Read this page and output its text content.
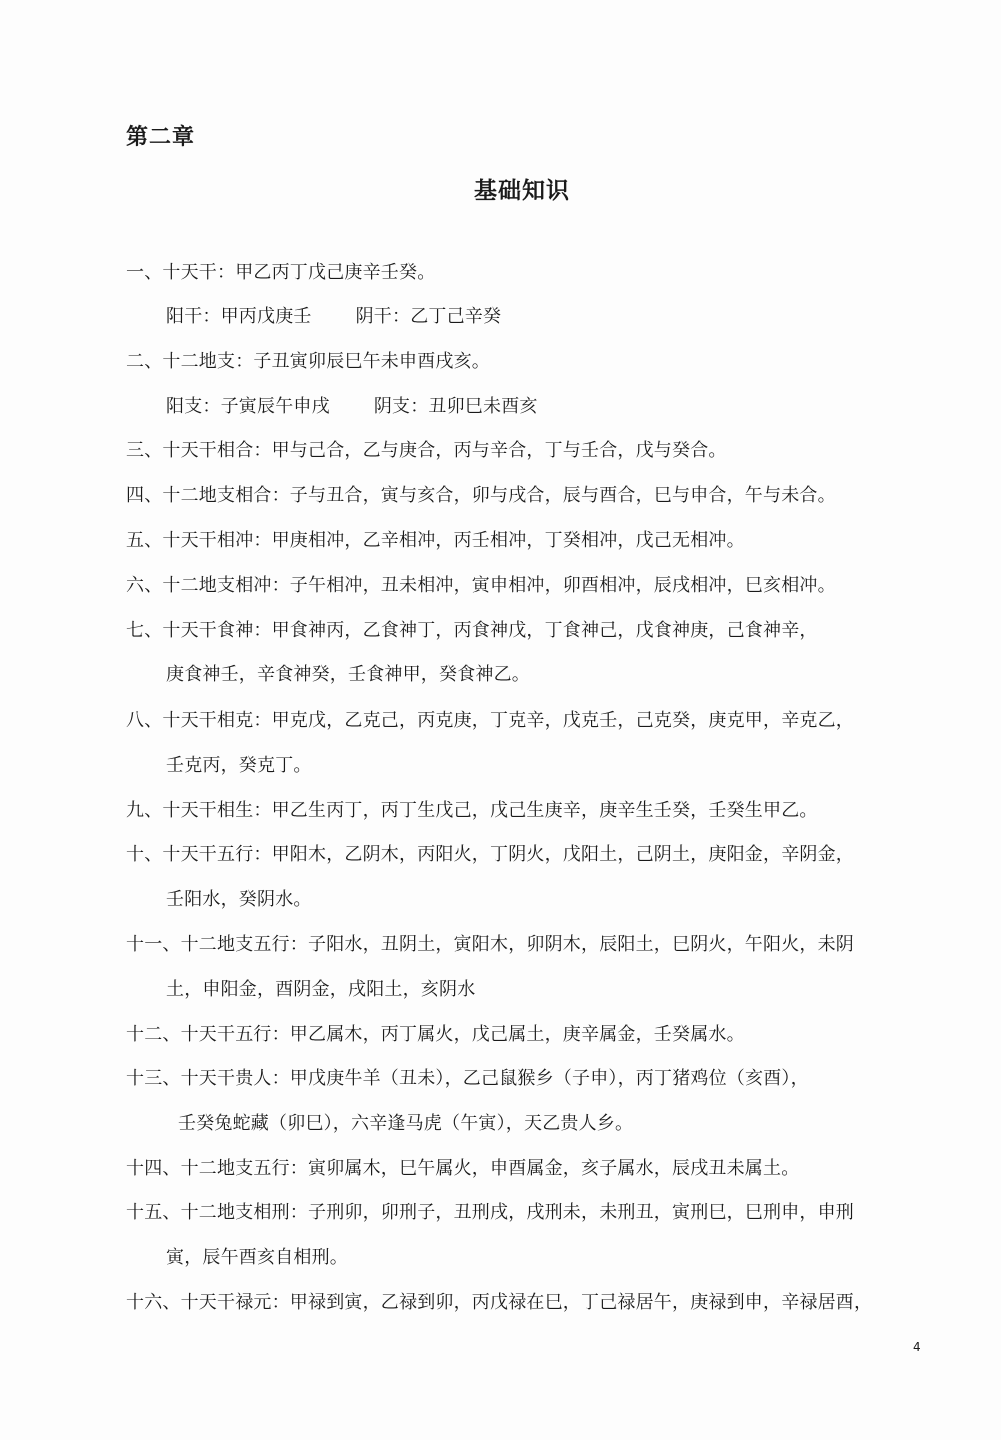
第二章
基础知识
一、十天干：甲乙丙丁戊己庚辛壬癸。
阳干：甲丙戊庚壬 阴干：乙丁己辛癸
二、十二地支：子丑寅卯辰巳午未申酉戌亥。
阳支：子寅辰午申戌 阴支：丑卯巳未酉亥
三、十天干相合：甲与己合，乙与庚合，丙与辛合，丁与壬合，戊与癸合。
四、十二地支相合：子与丑合，寅与亥合，卯与戌合，辰与酉合，巳与申合，午与未合。
五、十天干相冲：甲庚相冲，乙辛相冲，丙壬相冲，丁癸相冲，戊己无相冲。
六、十二地支相冲：子午相冲，丑未相冲，寅申相冲，卯酉相冲，辰戌相冲，巳亥相冲。
七、十天干食神：甲食神丙，乙食神丁，丙食神戊，丁食神己，戊食神庚，己食神辛，
庚食神壬，辛食神癸，壬食神甲，癸食神乙。
八、十天干相克：甲克戊，乙克己，丙克庚，丁克辛，戊克壬，己克癸，庚克甲，辛克乙，
壬克丙，癸克丁。
九、十天干相生：甲乙生丙丁，丙丁生戊己，戊己生庚辛，庚辛生壬癸，壬癸生甲乙。
十、十天干五行：甲阳木，乙阴木，丙阳火，丁阴火，戊阳土，己阴土，庚阳金，辛阴金，
壬阳水，癸阴水。
十一、十二地支五行：子阳水，丑阴土，寅阳木，卯阴木，辰阳土，巳阴火，午阳火，未阴
土，申阳金，酉阴金，戌阳土，亥阴水
十二、十天干五行：甲乙属木，丙丁属火，戊己属土，庚辛属金，壬癸属水。
十三、十天干贵人：甲戊庚牛羊（丑未），乙己鼠猴乡（子申），丙丁猪鸡位（亥酉），
壬癸兔蛇藏（卯巳），六辛逢马虎（午寅），天乙贵人乡。
十四、十二地支五行：寅卯属木，巳午属火，申酉属金，亥子属水，辰戌丑未属土。
十五、十二地支相刑：子刑卯，卯刑子，丑刑戌，戌刑未，未刑丑，寅刑巳，巳刑申，申刑
寅，辰午酉亥自相刑。
十六、十天干禄元：甲禄到寅，乙禄到卯，丙戊禄在巳，丁己禄居午，庚禄到申，辛禄居酉，
4
